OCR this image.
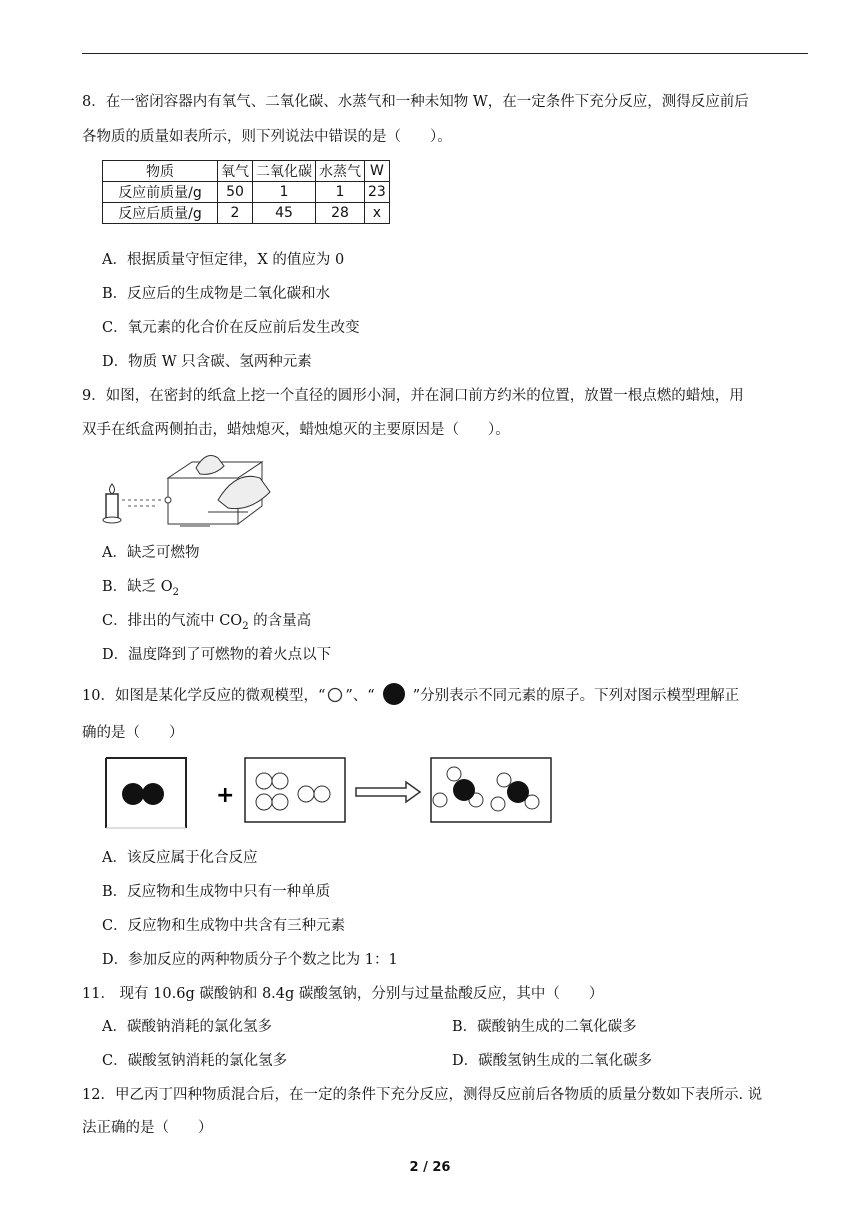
8．在一密闭容器内有氧气、二氧化碳、水蒸气和一种未知物 W，在一定条件下充分反应，测得反应前后
各物质的质量如表所示，则下列说法中错误的是（　　）。
物质	氧气	二氧化碳	水蒸气	W
反应前质量/g	50	1	1	23
反应后质量/g	2	45	28	x
A．根据质量守恒定律，X 的值应为 0
B．反应后的生成物是二氧化碳和水
C．氧元素的化合价在反应前后发生改变
D．物质 W 只含碳、氢两种元素
9．如图，在密封的纸盒上挖一个直径的圆形小洞，并在洞口前方约米的位置，放置一根点燃的蜡烛，用
双手在纸盒两侧拍击，蜡烛熄灭，蜡烛熄灭的主要原因是（　　）。
A．缺乏可燃物
B．缺乏 $O_2$
C．排出的气流中 $CO_2$ 的含量高
D．温度降到了可燃物的着火点以下
10．如图是某化学反应的微观模型，“ ”、“	”分别表示不同元素的原子。下列对图示模型理解正
确的是（　　）
+
A．该反应属于化合反应
B．反应物和生成物中只有一种单质
C．反应物和生成物中共含有三种元素
D．参加反应的两种物质分子个数之比为 1：1
11． 现有 10.6g 碳酸钠和 8.4g 碳酸氢钠，分别与过量盐酸反应，其中（　　）
A．碳酸钠消耗的氯化氢多	B．碳酸钠生成的二氧化碳多
C．碳酸氢钠消耗的氯化氢多	D．碳酸氢钠生成的二氧化碳多
12．甲乙丙丁四种物质混合后，在一定的条件下充分反应，测得反应前后各物质的质量分数如下表所示. 说
法正确的是（　　）
2 / 26
